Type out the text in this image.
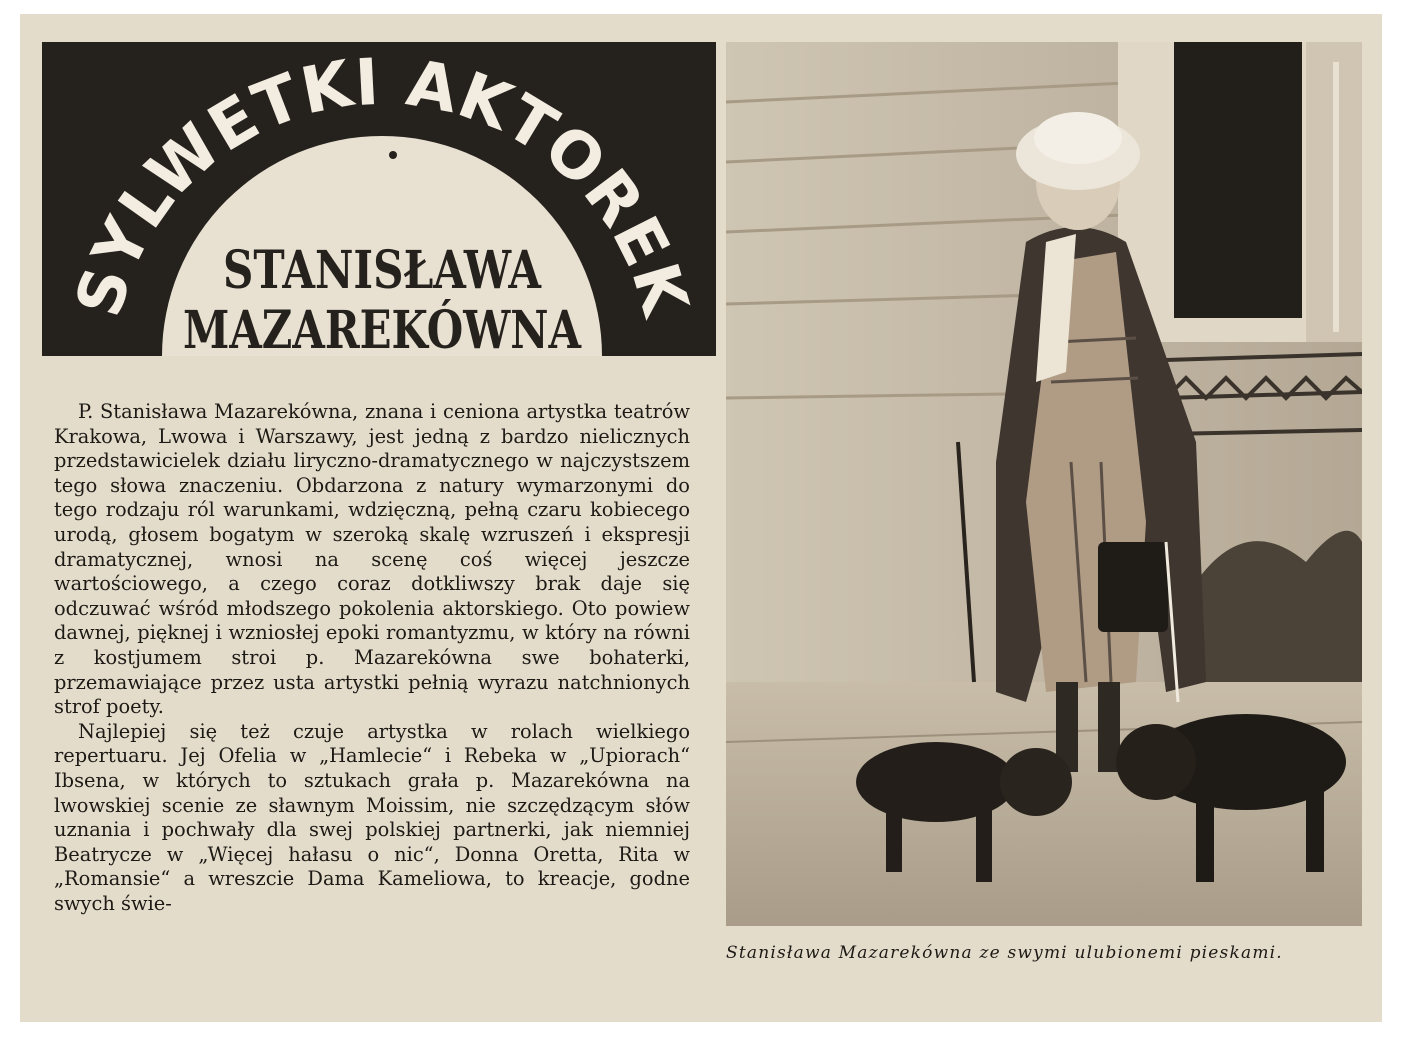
SYLWETKI AKTOREK
STANISŁAWA
MAZAREKÓWNA

P. Stanisława Mazarekówna, znana i ceniona artystka teatrów Krakowa, Lwowa i Warszawy, jest jedną z bardzo nielicznych przedstawicielek działu liryczno-dramatycznego w najczystszem tego słowa znaczeniu. Obdarzona z natury wymarzonymi do tego rodzaju ról warunkami, wdzięczną, pełną czaru kobiecego urodą, głosem bogatym w szeroką skalę wzruszeń i ekspresji dramatycznej, wnosi na scenę coś więcej jeszcze wartościowego, a czego coraz dotkliwszy brak daje się odczuwać wśród młodszego pokolenia aktorskiego. Oto powiew dawnej, pięknej i wzniosłej epoki romantyzmu, w który na równi z kostjumem stroi p. Mazarekówna swe bohaterki, przemawiające przez usta artystki pełnią wyrazu natchnionych strof poety.

Najlepiej się też czuje artystka w rolach wielkiego repertuaru. Jej Ofelia w „Hamlecie“ i Rebeka w „Upiorach“ Ibsena, w których to sztukach grała p. Mazarekówna na lwowskiej scenie ze sławnym Moissim, nie szczędzącym słów uznania i pochwały dla swej polskiej partnerki, jak niemniej Beatrycze w „Więcej hałasu o nic“, Donna Oretta, Rita w „Romansie“ a wreszcie Dama Kameliowa, to kreacje, godne swych świe-

Stanisława Mazarekówna ze swymi ulubionemi pieskami.
